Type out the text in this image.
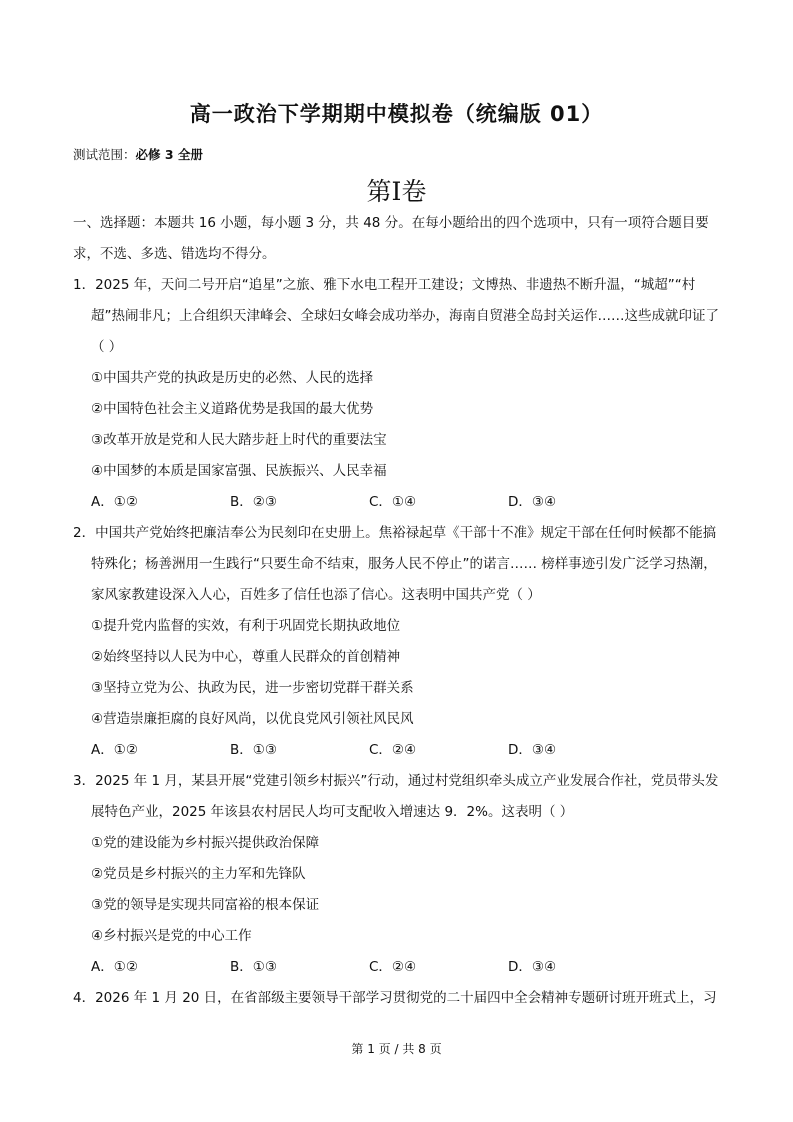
高一政治下学期期中模拟卷（统编版 01）
测试范围：必修 3 全册
第I卷

一、选择题：本题共 16 小题，每小题 3 分，共 48 分。在每小题给出的四个选项中，只有一项符合题目要求，不选、多选、错选均不得分。

1．2025 年，天问二号开启“追星”之旅、雅下水电工程开工建设；文博热、非遗热不断升温，“城超”“村超”热闹非凡；上合组织天津峰会、全球妇女峰会成功举办，海南自贸港全岛封关运作……这些成就印证了（ ）

①中国共产党的执政是历史的必然、人民的选择

②中国特色社会主义道路优势是我国的最大优势

③改革开放是党和人民大踏步赶上时代的重要法宝

④中国梦的本质是国家富强、民族振兴、人民幸福

A．①②	B．②③	C．①④	D．③④

2．中国共产党始终把廉洁奉公为民刻印在史册上。焦裕禄起草《干部十不准》规定干部在任何时候都不能搞特殊化；杨善洲用一生践行“只要生命不结束，服务人民不停止”的诺言…… 榜样事迹引发广泛学习热潮，家风家教建设深入人心，百姓多了信任也添了信心。这表明中国共产党（ ）

①提升党内监督的实效，有利于巩固党长期执政地位

②始终坚持以人民为中心，尊重人民群众的首创精神

③坚持立党为公、执政为民，进一步密切党群干群关系

④营造崇廉拒腐的良好风尚，以优良党风引领社风民风

A．①②	B．①③	C．②④	D．③④

3．2025 年 1 月，某县开展“党建引领乡村振兴”行动，通过村党组织牵头成立产业发展合作社，党员带头发展特色产业，2025 年该县农村居民人均可支配收入增速达 9．2%。这表明（ ）

①党的建设能为乡村振兴提供政治保障

②党员是乡村振兴的主力军和先锋队

③党的领导是实现共同富裕的根本保证

④乡村振兴是党的中心工作

A．①②	B．①③	C．②④	D．③④

4．2026 年 1 月 20 日，在省部级主要领导干部学习贯彻党的二十届四中全会精神专题研讨班开班式上，习

第 1 页 / 共 8 页
